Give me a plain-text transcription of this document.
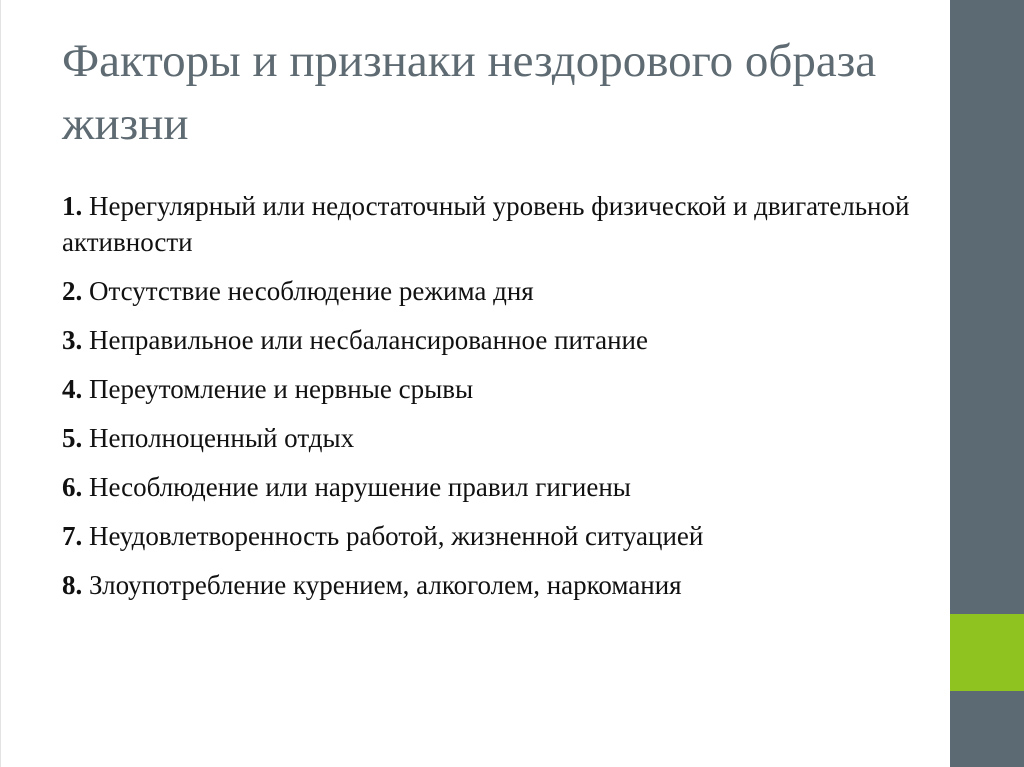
Факторы и признаки нездорового образа жизни
1. Нерегулярный или недостаточный уровень физической и двигательной активности
2. Отсутствие несоблюдение режима дня
3. Неправильное или несбалансированное питание
4. Переутомление и нервные срывы
5. Неполноценный отдых
6. Несоблюдение или нарушение правил гигиены
7. Неудовлетворенность работой, жизненной ситуацией
8. Злоупотребление курением, алкоголем, наркомания
